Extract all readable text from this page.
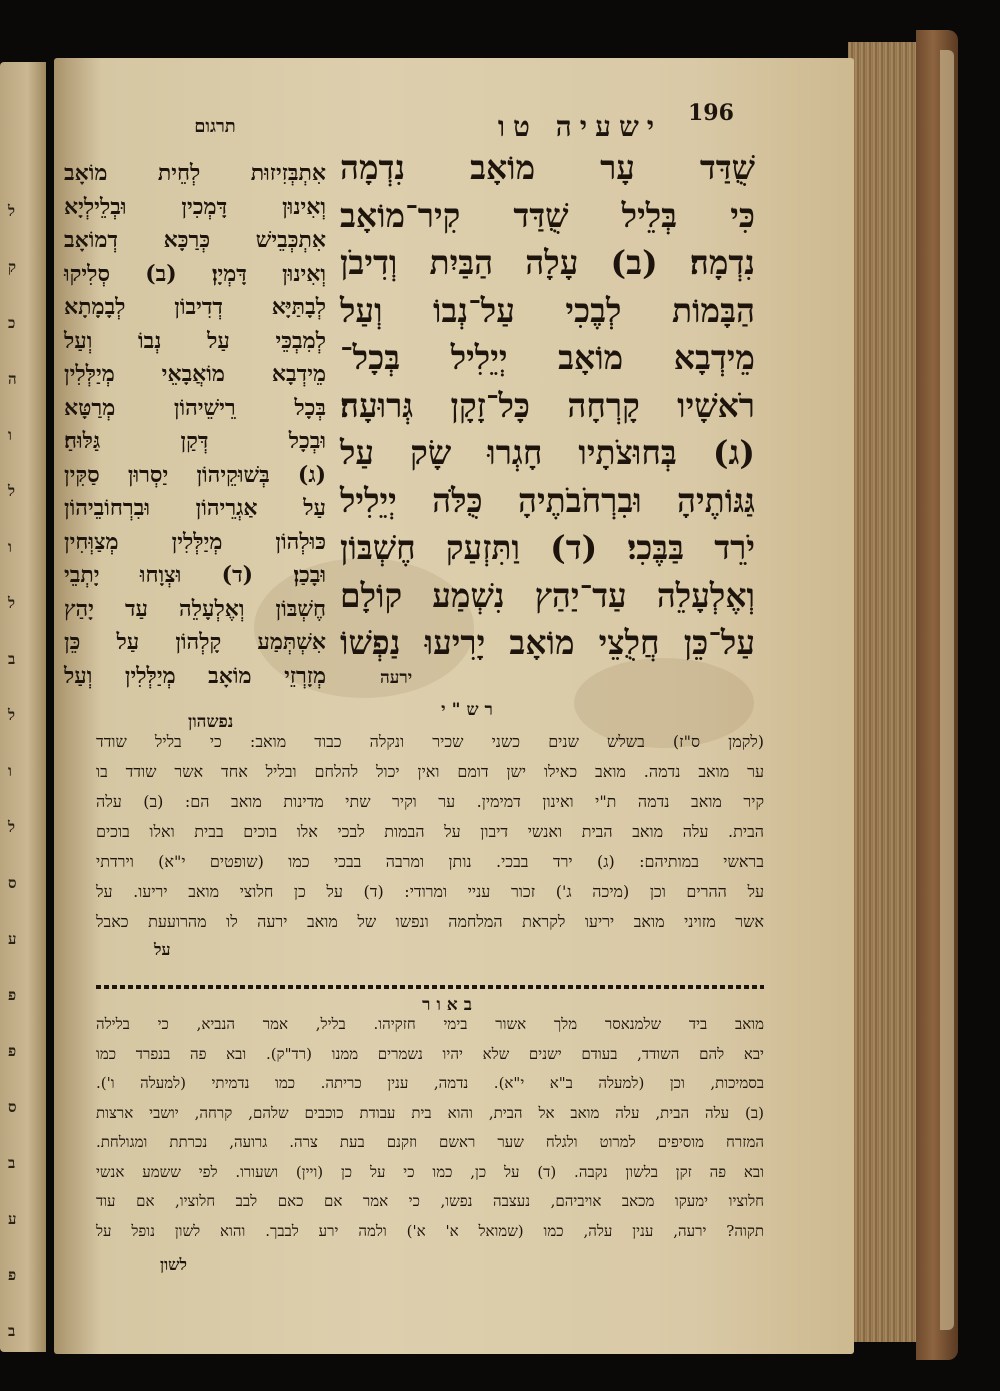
ל
ק
כ
ה
ו
ל
ו
ל
ב
ל
ו
ל
ס
ע
פ
פ
ס
ב
ע
פ
ב
196
ישעיה טו
תרגום
שֻׁדַּד עָר מוֹאָב נִדְמָה
כִּי בְּלֵיל שֻׁדַּד קִיר־מוֹאָב
נִדְמָה׃ (ב) עָלָה הַבַּיִת וְדִיבֹן
הַבָּמוֹת לְבֶכִי עַל־נְבוֹ וְעַל
מֵידְבָא מוֹאָב יְיֵלִיל בְּכָל־
רֹאשָׁיו קָרְחָה כָּל־זָקָן גְּרוּעָה׃
(ג) בְּחוּצֹתָיו חָגְרוּ שָׂק עַל
גַּגּוֹתֶיהָ וּבִרְחֹבֹתֶיהָ כֻּלֹּה יְיֵלִיל
יֹרֵד בַּבֶּכִי׃ (ד) וַתִּזְעַק חֶשְׁבּוֹן
וְאֶלְעָלֵה עַד־יַהַץ נִשְׁמַע קוֹלָם
עַל־כֵּן חֲלֻצֵי מוֹאָב יָרִיעוּ נַפְשׁוֹ
ירעה
אִתְבְּזִיזוּת לְחֵית מוֹאָב
וְאִינוּן דָּמְכִין וּבְלֵילְיָא
אִתְכְּבֵישׁ כְּרַכָּא דְמוֹאָב
וְאִינוּן דָּמְיָן׃ (ב) סְלִיקוּ
לְבָתַּיָּא דְדִיבוֹן לְבָמָתָא
לְמִבְכֵּי עַל נְבוֹ וְעַל
מֵידְבָא מוֹאֲבָאֵי מְיַלְּלִין
בְּכָל רֵישֵׁיהוֹן מְרַטָּא
וּבְכָל דְּקַן גַּלּוּחַ׃
(ג) בְּשׁוּקֵיהוֹן יַסְרוּן סַקִּין
עַל אַגְרֵיהוֹן וּבִרְחוֹבֵיהוֹן
כּוּלְהוֹן מְיַלְּלִין מְצַוְּחִין
וּבָכַן׃ (ד) וּצְוָחוּ יָתְבֵי
חֶשְׁבּוֹן וְאֶלְעָלֵה עַד יָהַץ
אִשְׁתְּמַע קָלְהוֹן עַל כֵּן
מְזָרְזֵי מוֹאָב מְיַלְּלִין וְעַל
נפשהון
רש"י
(לקמן ס"ז) בשלש שנים כשני שכיר ונקלה כבוד מואב: כי בליל שודד
ער מואב נדמה. מואב כאילו ישן דומם ואין יכול להלחם ובליל אחד אשר שודד בו
קיר מואב נדמה ת"י ואינון דמימין. ער וקיר שתי מדינות מואב הם: (ב) עלה
הבית. עלה מואב הבית ואנשי דיבון על הבמות לבכי אלו בוכים בבית ואלו בוכים
בראשי במותיהם: (ג) ירד בבכי. נותן ומרבה בבכי כמו (שופטים י"א) וירדתי
על ההרים וכן (מיכה ג') זכור עניי ומרודי: (ד) על כן חלוצי מואב יריעו. על
אשר מזויני מואב יריעו לקראת המלחמה ונפשו של מואב ירעה לו מהרועעת כאבל
על
באור
מואב ביד שלמנאסר מלך אשור בימי חזקיהו. בליל, אמר הנביא, כי בלילה
יבא להם השודד, בעודם ישנים שלא יהיו נשמרים ממנו (רד"ק). ובא פה בנפרד כמו
בסמיכות, וכן (למעלה ב"א י"א). נדמה, ענין כריתה. כמו נדמיתי (למעלה ו').
(ב) עלה הבית, עלה מואב אל הבית, והוא בית עבודת כוכבים שלהם, קרחה, יושבי ארצות
המזרח מוסיפים למרוט ולגלח שער ראשם וזקנם בעת צרה. גרועה, נכרתת ומגולחת.
ובא פה זקן בלשון נקבה. (ד) על כן, כמו כי על כן (ויין) ושעורו. לפי ששמע אנשי
חלוציו ימעקו מכאב אויביהם, נעצבה נפשו, כי אמר אם כאם לבב חלוציו, אם עוד
תקוה? ירעה, ענין עלה, כמו (שמואל א' א') ולמה ירע לבבך. והוא לשון נופל על
לשון
